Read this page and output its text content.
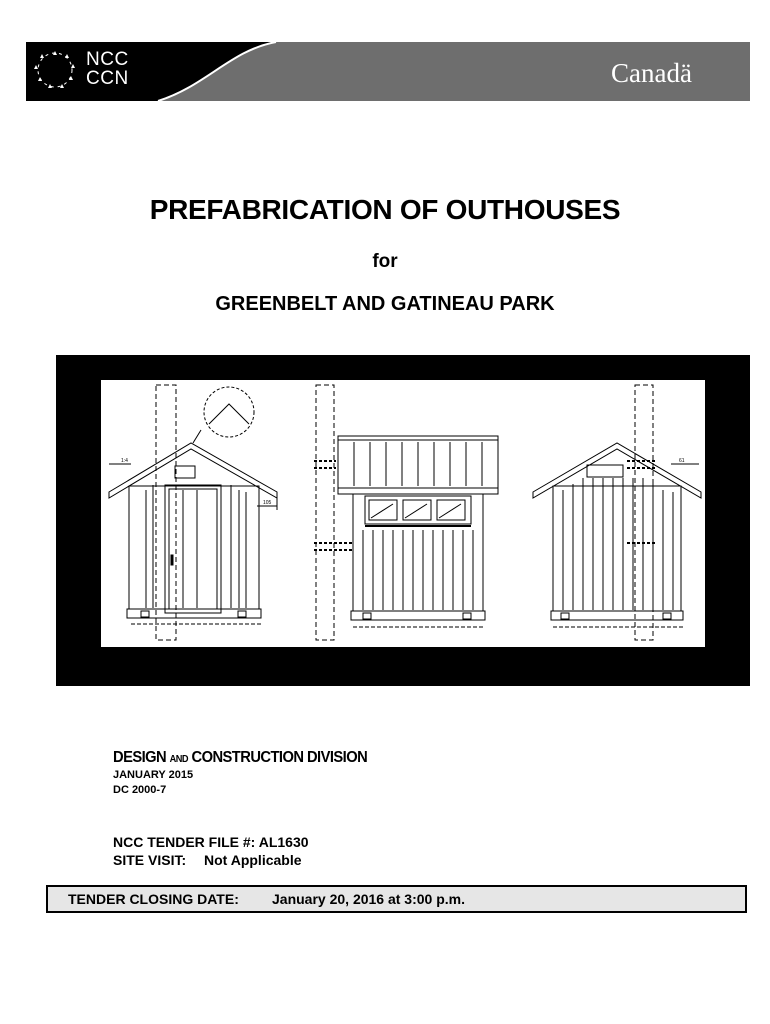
NCC
CCN	Canadä
PREFABRICATION OF OUTHOUSES
for
GREENBELT AND GATINEAU PARK
1:4
105
61
DESIGN AND CONSTRUCTION DIVISION
JANUARY 2015
DC 2000-7
NCC TENDER FILE #: AL1630
SITE VISIT: Not Applicable
TENDER CLOSING DATE: January 20, 2016 at 3:00 p.m.
